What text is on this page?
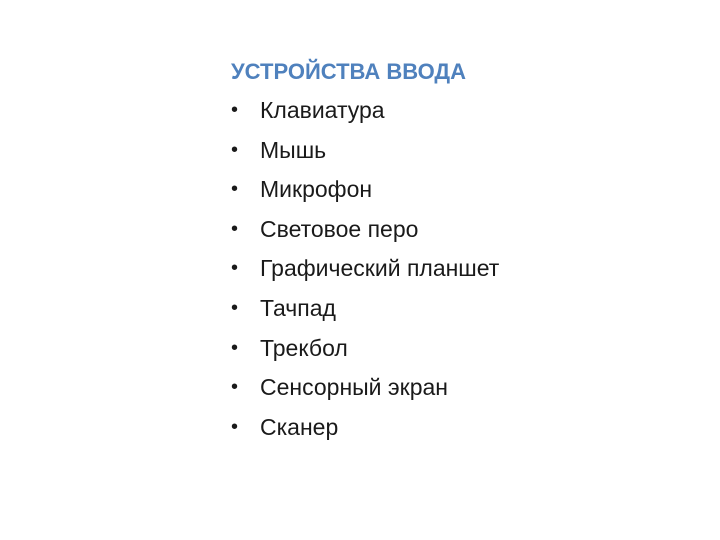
УСТРОЙСТВА ВВОДА
• Клавиатура
• Мышь
• Микрофон
• Световое перо
• Графический планшет
• Тачпад
• Трекбол
• Сенсорный экран
• Сканер
